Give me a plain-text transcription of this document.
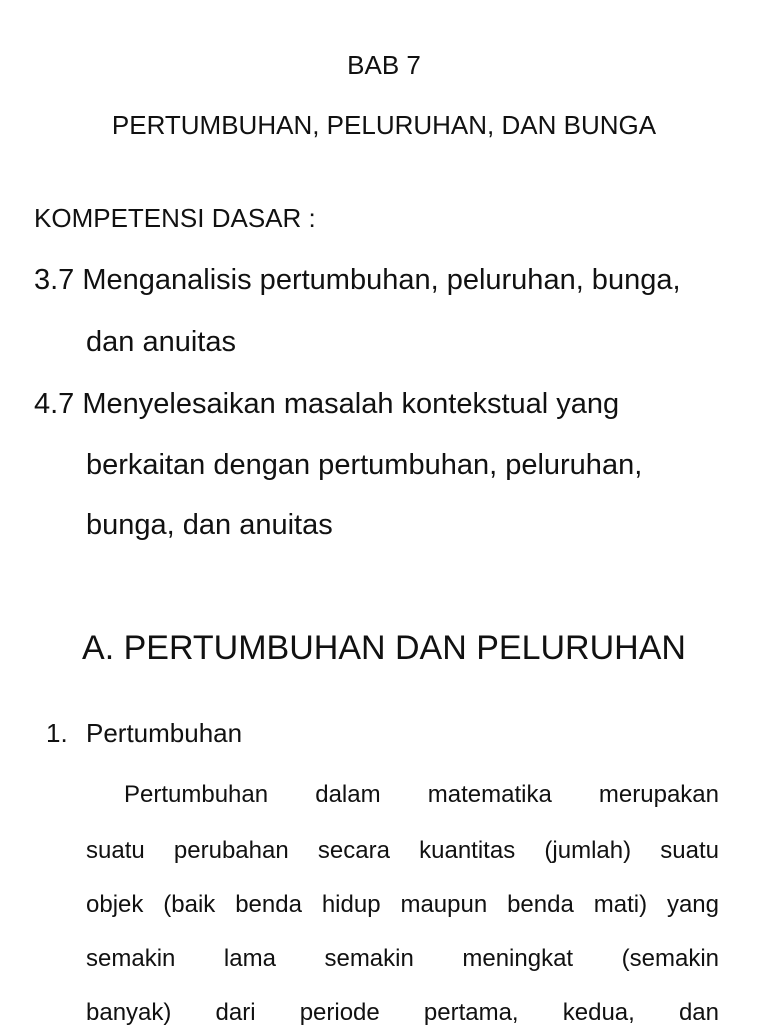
BAB 7
PERTUMBUHAN, PELURUHAN, DAN BUNGA
KOMPETENSI DASAR :
3.7 Menganalisis pertumbuhan, peluruhan, bunga,
dan anuitas
4.7 Menyelesaikan masalah kontekstual yang
berkaitan dengan pertumbuhan, peluruhan,
bunga, dan anuitas
A. PERTUMBUHAN DAN PELURUHAN
1. Pertumbuhan
Pertumbuhan dalam matematika merupakan
suatu perubahan secara kuantitas (jumlah) suatu
objek (baik benda hidup maupun benda mati) yang
semakin lama semakin meningkat (semakin
banyak) dari periode pertama, kedua, dan
